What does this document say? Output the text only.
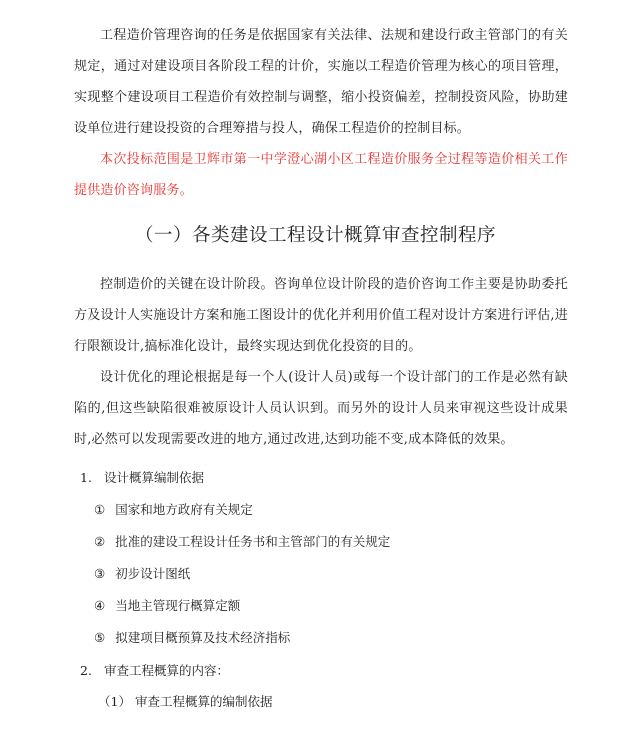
工程造价管理咨询的任务是依据国家有关法律、法规和建设行政主管部门的有关规定，通过对建设项目各阶段工程的计价，实施以工程造价管理为核心的项目管理，实现整个建设项目工程造价有效控制与调整，缩小投资偏差，控制投资风险，协助建设单位进行建设投资的合理筹措与投人，确保工程造价的控制目标。

本次投标范围是卫辉市第一中学澄心湖小区工程造价服务全过程等造价相关工作提供造价咨询服务。

（一）各类建设工程设计概算审查控制程序

控制造价的关键在设计阶段。咨询单位设计阶段的造价咨询工作主要是协助委托方及设计人实施设计方案和施工图设计的优化并利用价值工程对设计方案进行评估,进行限额设计,搞标准化设计，最终实现达到优化投资的目的。

设计优化的理论根据是每一个人(设计人员)或每一个设计部门的工作是必然有缺陷的,但这些缺陷很难被原设计人员认识到。而另外的设计人员来审视这些设计成果时,必然可以发现需要改进的地方,通过改进,达到功能不变,成本降低的效果。

1. 设计概算编制依据
① 国家和地方政府有关规定
② 批准的建设工程设计任务书和主管部门的有关规定
③ 初步设计图纸
④ 当地主管现行概算定额
⑤ 拟建项目概预算及技术经济指标
2. 审查工程概算的内容：
（1） 审查工程概算的编制依据
